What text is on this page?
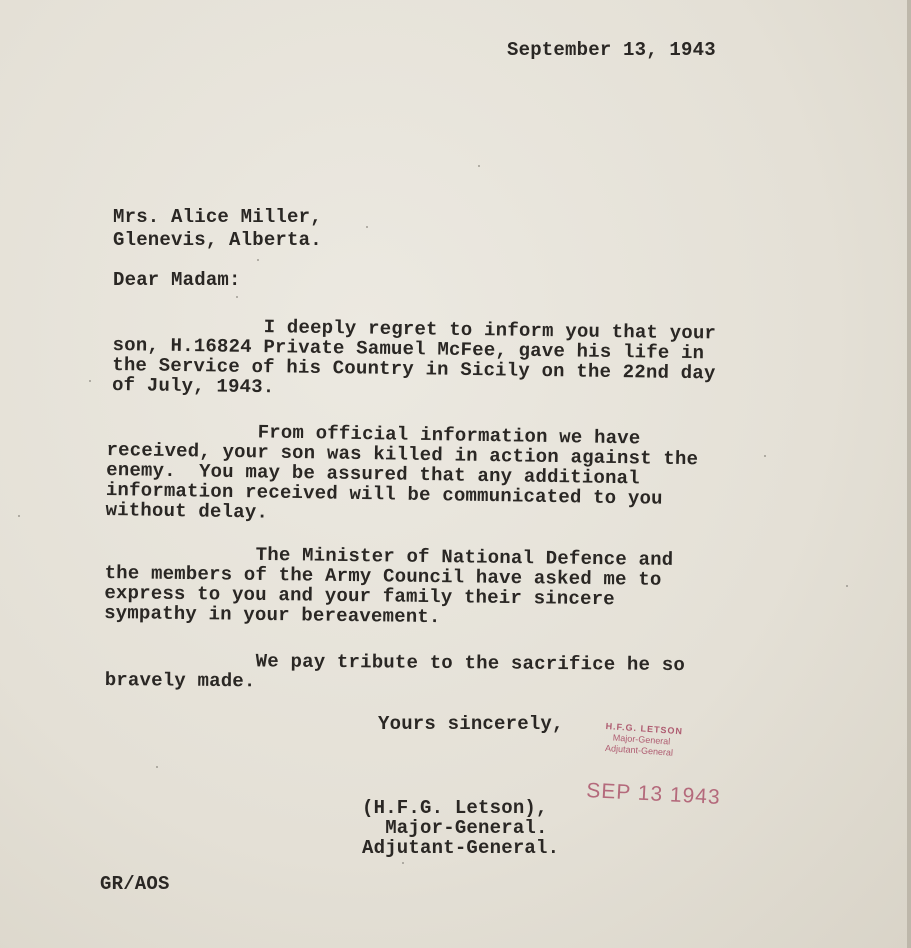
September 13, 1943
Mrs. Alice Miller,
Glenevis, Alberta.
Dear Madam:
I deeply regret to inform you that your
son, H.16824 Private Samuel McFee, gave his life in
the Service of his Country in Sicily on the 22nd day
of July, 1943.
From official information we have
received, your son was killed in action against the
enemy.  You may be assured that any additional
information received will be communicated to you
without delay.
The Minister of National Defence and
the members of the Army Council have asked me to
express to you and your family their sincere
sympathy in your bereavement.
We pay tribute to the sacrifice he so
bravely made.
Yours sincerely,	H.F.G. LETSON
Major-General
Adjutant-General
SEP 13 1943
(H.F.G. Letson),
Major-General.
Adjutant-General.
GR/AOS
